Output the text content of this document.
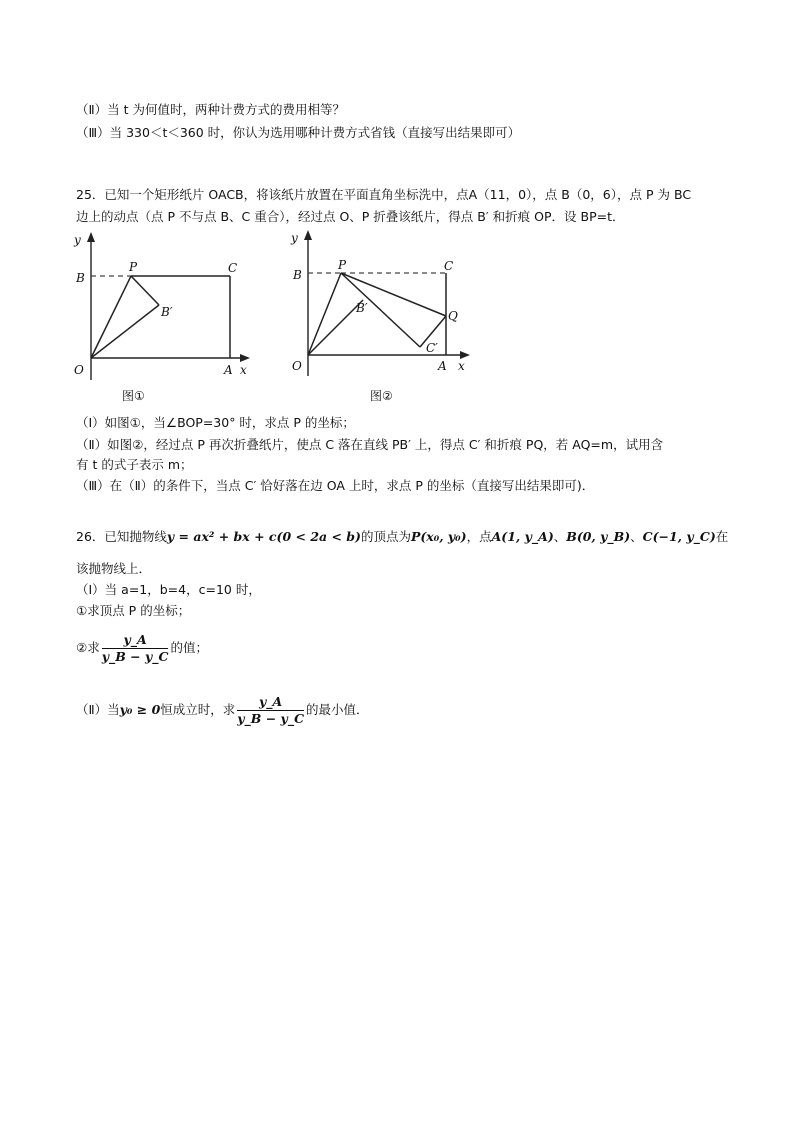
（Ⅱ）当 t 为何值时，两种计费方式的费用相等？
（Ⅲ）当 330＜t＜360 时，你认为选用哪种计费方式省钱（直接写出结果即可）
25．已知一个矩形纸片 OACB，将该纸片放置在平面直角坐标洗中，点A（11，0），点 B（0，6），点 P 为 BC
边上的动点（点 P 不与点 B、C 重合），经过点 O、P 折叠该纸片，得点 B′ 和折痕 OP．设 BP=t．
y
B
P	C
B′
O	A x
图①
y
B
P	C
B′
Q
C′
O	A x
图②
（Ⅰ）如图①，当∠BOP=30° 时，求点 P 的坐标；
（Ⅱ）如图②，经过点 P 再次折叠纸片，使点 C 落在直线 PB′ 上，得点 C′ 和折痕 PQ，若 AQ=m，试用含
有 t 的式子表示 m；
（Ⅲ）在（Ⅱ）的条件下，当点 C′ 恰好落在边 OA 上时，求点 P 的坐标（直接写出结果即可)．
26．已知抛物线y = ax² + bx + c(0 < 2a < b)的顶点为P(x₀, y₀)，点A(1, y_A)、B(0, y_B)、C(−1, y_C)在
该抛物线上．
（Ⅰ）当 a=1，b=4，c=10 时，
①求顶点 P 的坐标；
②求 $\frac{y\_A}{y\_B - y\_C}$ 的值；
（Ⅱ）当y₀ ≥ 0恒成立时，求 $\frac{y\_A}{y\_B - y\_C}$ 的最小值．
